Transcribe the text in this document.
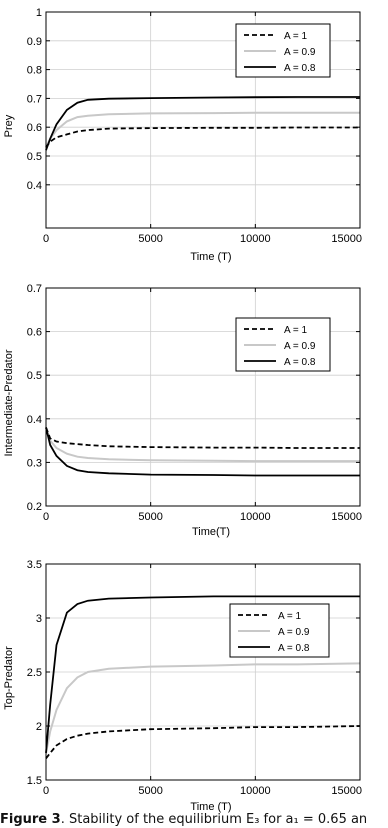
0	5000	10000	15000
0.4
0.5
0.6
0.7
0.8
0.9
1
Time (T)
Prey
A = 1
A = 0.9
A = 0.8
0	5000	10000	15000
0.2
0.3
0.4
0.5
0.6
0.7
Time(T)
Intermediate-Predator
A = 1
A = 0.9
A = 0.8
0	5000	10000	15000
1.5
2
2.5
3
3.5
Time (T)
Top-Predator
A = 1
A = 0.9
A = 0.8
Figure 3. Stability of the equilibrium E₃ for a₁ = 0.65 an
